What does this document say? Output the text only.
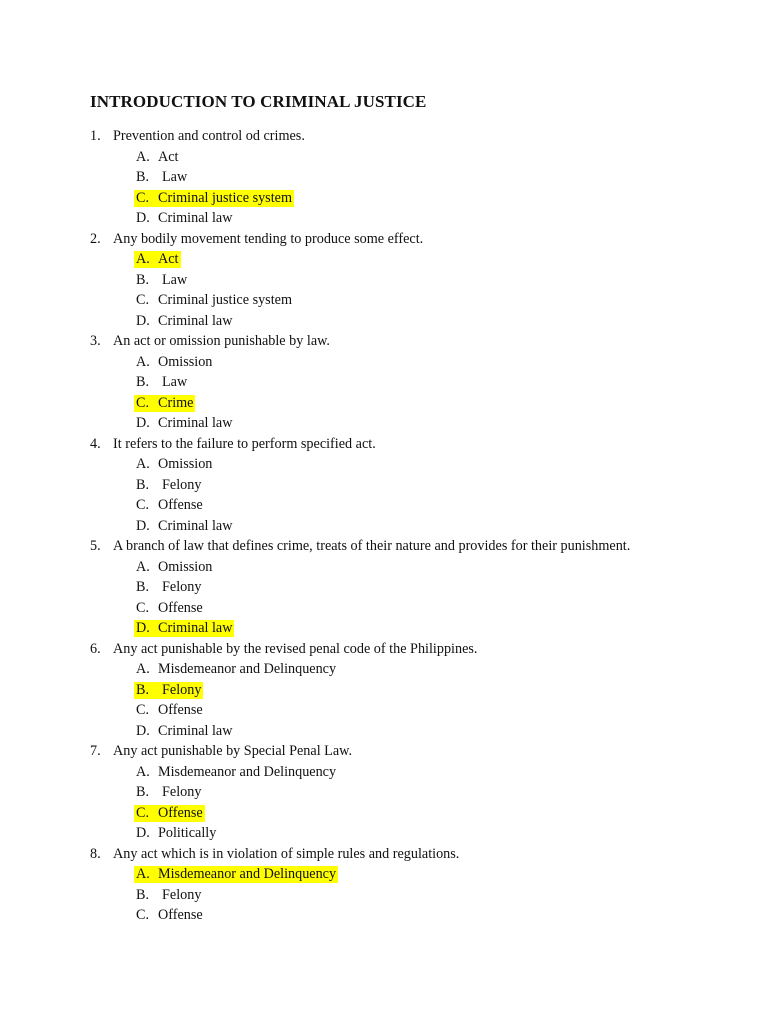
INTRODUCTION TO CRIMINAL JUSTICE
1. Prevention and control od crimes.
A. Act
B. Law
C. Criminal justice system
D. Criminal law
2. Any bodily movement tending to produce some effect.
A. Act
B. Law
C. Criminal justice system
D. Criminal law
3. An act or omission punishable by law.
A. Omission
B. Law
C. Crime
D. Criminal law
4. It refers to the failure to perform specified act.
A. Omission
B. Felony
C. Offense
D. Criminal law
5. A branch of law that defines crime, treats of their nature and provides for their punishment.
A. Omission
B. Felony
C. Offense
D. Criminal law
6. Any act punishable by the revised penal code of the Philippines.
A. Misdemeanor and Delinquency
B. Felony
C. Offense
D. Criminal law
7. Any act punishable by Special Penal Law.
A. Misdemeanor and Delinquency
B. Felony
C. Offense
D. Politically
8. Any act which is in violation of simple rules and regulations.
A. Misdemeanor and Delinquency
B. Felony
C. Offense
